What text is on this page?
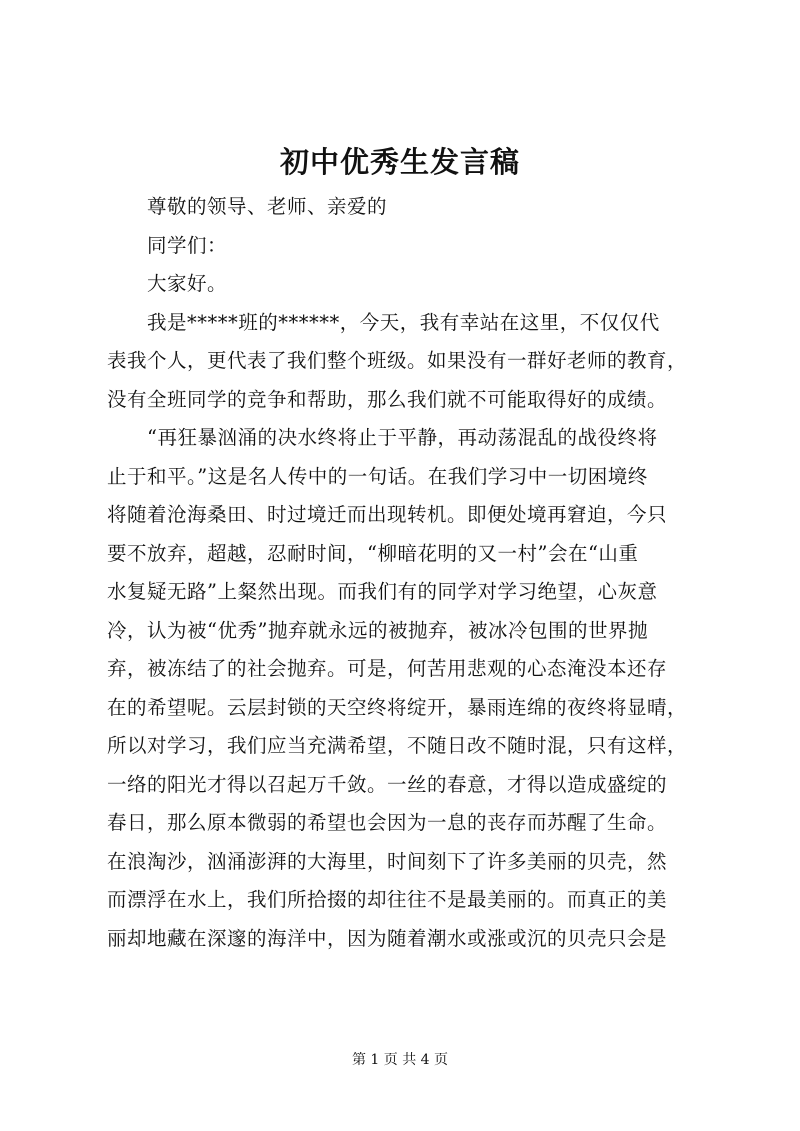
初中优秀生发言稿
尊敬的领导、老师、亲爱的
同学们：
大家好。
我是*****班的******，今天，我有幸站在这里，不仅仅代
表我个人，更代表了我们整个班级。如果没有一群好老师的教育，
没有全班同学的竞争和帮助，那么我们就不可能取得好的成绩。
“再狂暴汹涌的决水终将止于平静，再动荡混乱的战役终将
止于和平。”这是名人传中的一句话。在我们学习中一切困境终
将随着沧海桑田、时过境迁而出现转机。即便处境再窘迫，今只
要不放弃，超越，忍耐时间，“柳暗花明的又一村”会在“山重
水复疑无路”上粲然出现。而我们有的同学对学习绝望，心灰意
冷，认为被“优秀”抛弃就永远的被抛弃，被冰冷包围的世界抛
弃，被冻结了的社会抛弃。可是，何苦用悲观的心态淹没本还存
在的希望呢。云层封锁的天空终将绽开，暴雨连绵的夜终将显晴，
所以对学习，我们应当充满希望，不随日改不随时混，只有这样，
一络的阳光才得以召起万千敛。一丝的春意，才得以造成盛绽的
春日，那么原本微弱的希望也会因为一息的丧存而苏醒了生命。
在浪淘沙，汹涌澎湃的大海里，时间刻下了许多美丽的贝壳，然
而漂浮在水上，我们所拾掇的却往往不是最美丽的。而真正的美
丽却地藏在深邃的海洋中，因为随着潮水或涨或沉的贝壳只会是
第 1 页 共 4 页
